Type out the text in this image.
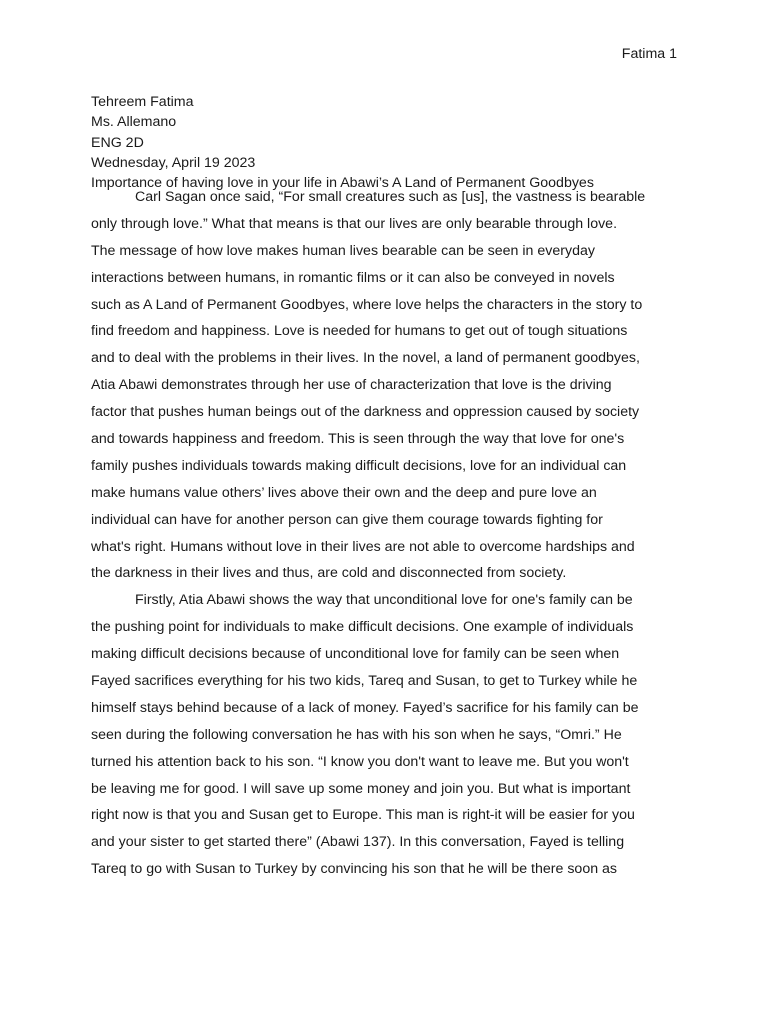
Fatima 1
Tehreem Fatima
Ms. Allemano
ENG 2D
Wednesday, April 19 2023
Importance of having love in your life in Abawi’s A Land of Permanent Goodbyes
Carl Sagan once said, “For small creatures such as [us], the vastness is bearable
only through love.” What that means is that our lives are only bearable through love.
The message of how love makes human lives bearable can be seen in everyday
interactions between humans, in romantic films or it can also be conveyed in novels
such as A Land of Permanent Goodbyes, where love helps the characters in the story to
find freedom and happiness. Love is needed for humans to get out of tough situations
and to deal with the problems in their lives. In the novel, a land of permanent goodbyes,
Atia Abawi demonstrates through her use of characterization that love is the driving
factor that pushes human beings out of the darkness and oppression caused by society
and towards happiness and freedom. This is seen through the way that love for one's
family pushes individuals towards making difficult decisions, love for an individual can
make humans value others’ lives above their own and the deep and pure love an
individual can have for another person can give them courage towards fighting for
what's right. Humans without love in their lives are not able to overcome hardships and
the darkness in their lives and thus, are cold and disconnected from society.
Firstly, Atia Abawi shows the way that unconditional love for one's family can be
the pushing point for individuals to make difficult decisions. One example of individuals
making difficult decisions because of unconditional love for family can be seen when
Fayed sacrifices everything for his two kids, Tareq and Susan, to get to Turkey while he
himself stays behind because of a lack of money. Fayed’s sacrifice for his family can be
seen during the following conversation he has with his son when he says, “Omri.” He
turned his attention back to his son. “I know you don't want to leave me. But you won't
be leaving me for good. I will save up some money and join you. But what is important
right now is that you and Susan get to Europe. This man is right-it will be easier for you
and your sister to get started there” (Abawi 137). In this conversation, Fayed is telling
Tareq to go with Susan to Turkey by convincing his son that he will be there soon as
